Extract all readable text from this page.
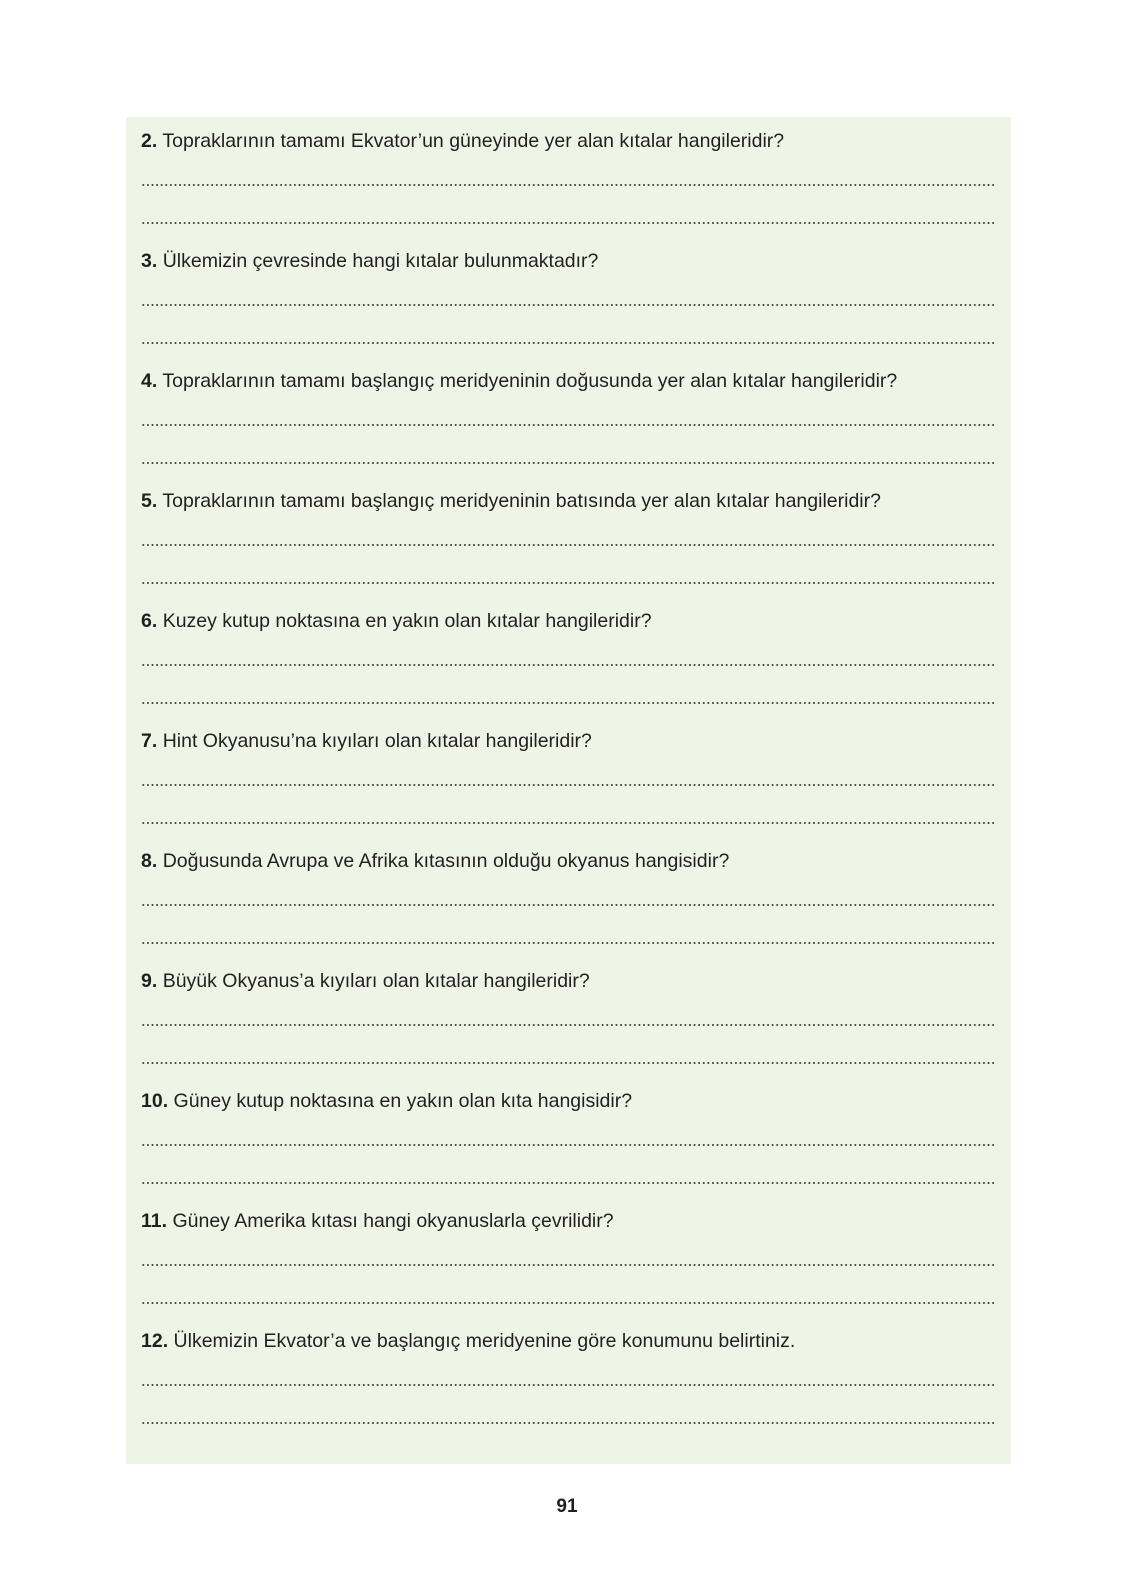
2. Topraklarının tamamı Ekvator’un güneyinde yer alan kıtalar hangileridir?
3. Ülkemizin çevresinde hangi kıtalar bulunmaktadır?
4. Topraklarının tamamı başlangıç meridyeninin doğusunda yer alan kıtalar hangileridir?
5. Topraklarının tamamı başlangıç meridyeninin batısında yer alan kıtalar hangileridir?
6. Kuzey kutup noktasına en yakın olan kıtalar hangileridir?
7. Hint Okyanusu’na kıyıları olan kıtalar hangileridir?
8. Doğusunda Avrupa ve Afrika kıtasının olduğu okyanus hangisidir?
9. Büyük Okyanus’a kıyıları olan kıtalar hangileridir?
10. Güney kutup noktasına en yakın olan kıta hangisidir?
11. Güney Amerika kıtası hangi okyanuslarla çevrilidir?
12. Ülkemizin Ekvator’a ve başlangıç meridyenine göre konumunu belirtiniz.
91
